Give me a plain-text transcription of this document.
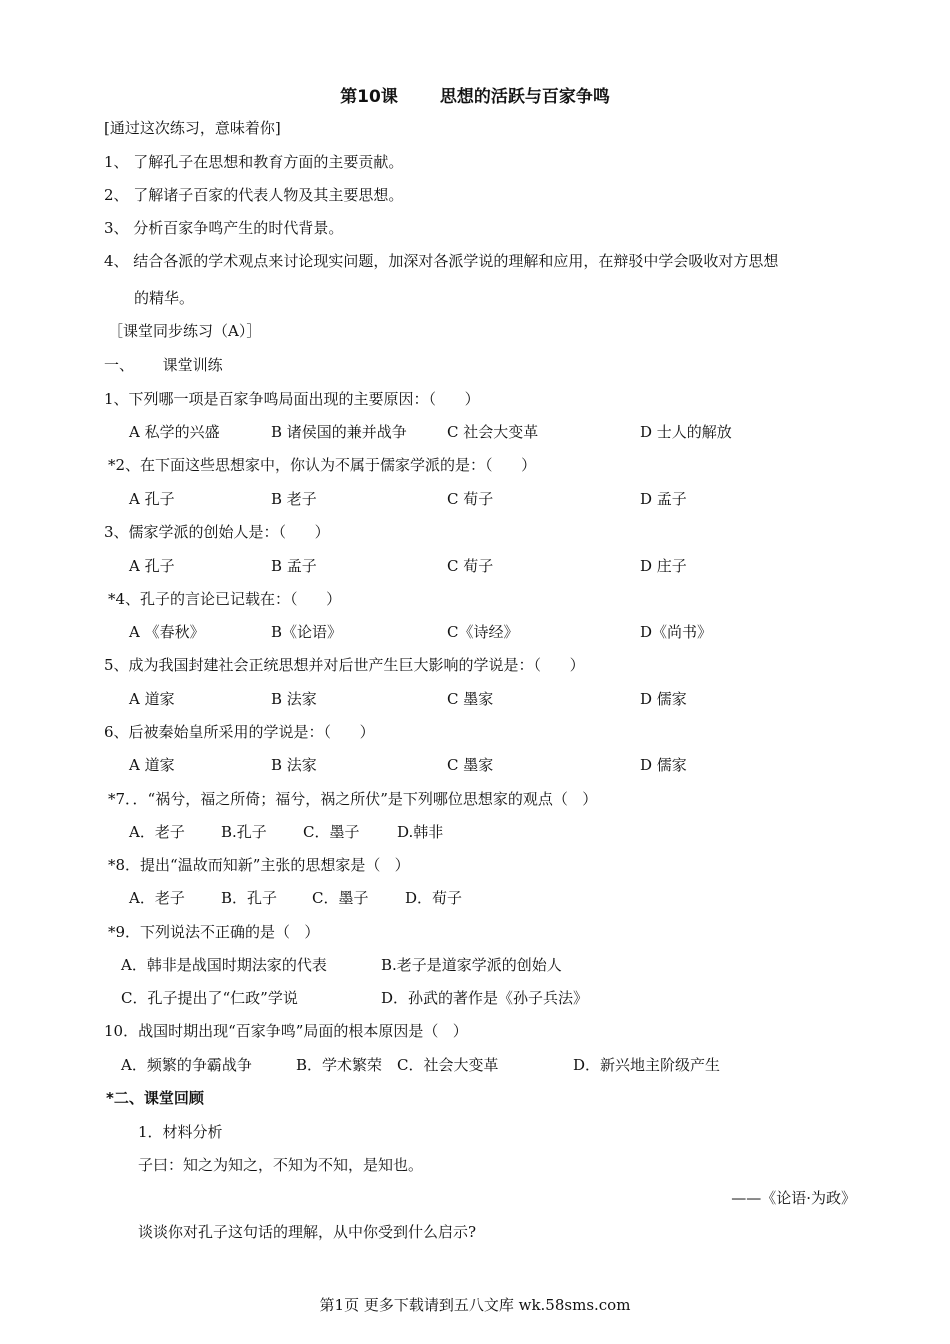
第10课 思想的活跃与百家争鸣
[通过这次练习，意味着你]
1、 了解孔子在思想和教育方面的主要贡献。
2、 了解诸子百家的代表人物及其主要思想。
3、 分析百家争鸣产生的时代背景。
4、 结合各派的学术观点来讨论现实问题，加深对各派学说的理解和应用，在辩驳中学会吸收对方思想
的精华。
［课堂同步练习（A）］
一、      课堂训练
1、下列哪一项是百家争鸣局面出现的主要原因：（      ）
A 私学的兴盛	B 诸侯国的兼并战争	C 社会大变革	D 士人的解放
*2、在下面这些思想家中，你认为不属于儒家学派的是：（      ）
A 孔子	B 老子	C 荀子	D 孟子
3、儒家学派的创始人是：（      ）
A 孔子	B 孟子	C 荀子	D 庄子
*4、孔子的言论已记载在：（      ）
A 《春秋》	B《论语》	C《诗经》	D《尚书》
5、成为我国封建社会正统思想并对后世产生巨大影响的学说是：（      ）
A 道家	B 法家	C 墨家	D 儒家
6、后被秦始皇所采用的学说是：（      ）
A 道家	B 法家	C 墨家	D 儒家
*7．．“祸兮，福之所倚；福兮，祸之所伏”是下列哪位思想家的观点（   ）
A．老子 B.孔子 C．墨子	D.韩非
*8．提出“温故而知新”主张的思想家是（   ）
A．老子 B．孔子 C．墨子 D．荀子
*9．下列说法不正确的是（   ）
A．韩非是战国时期法家的代表	B.老子是道家学派的创始人
C．孔子提出了“仁政”学说	D．孙武的著作是《孙子兵法》
10．战国时期出现“百家争鸣”局面的根本原因是（   ）
A．频繁的争霸战争	B．学术繁荣 C．社会大变革	D．新兴地主阶级产生
*二、课堂回顾
1．材料分析
子曰：知之为知之，不知为不知，是知也。
——《论语·为政》
谈谈你对孔子这句话的理解，从中你受到什么启示?
第1页 更多下载请到五八文库 wk.58sms.com
